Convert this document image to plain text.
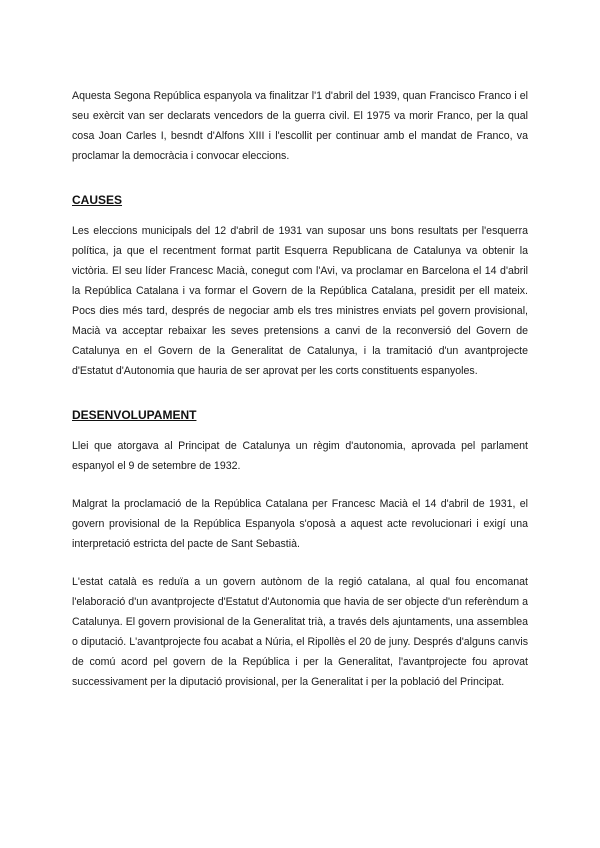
Aquesta Segona República espanyola va finalitzar l'1 d'abril del 1939, quan Francisco Franco i el seu exèrcit van ser declarats vencedors de la guerra civil. El 1975 va morir Franco, per la qual cosa Joan Carles I, besndt d'Alfons XIII i l'escollit per continuar amb el mandat de Franco, va proclamar la democràcia i convocar eleccions.

CAUSES

Les eleccions municipals del 12 d'abril de 1931 van suposar uns bons resultats per l'esquerra política, ja que el recentment format partit Esquerra Republicana de Catalunya va obtenir la victòria. El seu líder Francesc Macià, conegut com l'Avi, va proclamar en Barcelona el 14 d'abril la República Catalana i va formar el Govern de la República Catalana, presidit per ell mateix. Pocs dies més tard, després de negociar amb els tres ministres enviats pel govern provisional, Macià va acceptar rebaixar les seves pretensions a canvi de la reconversió del Govern de Catalunya en el Govern de la Generalitat de Catalunya, i la tramitació d'un avantprojecte d'Estatut d'Autonomia que hauria de ser aprovat per les corts constituents espanyoles.

DESENVOLUPAMENT

Llei que atorgava al Principat de Catalunya un règim d'autonomia, aprovada pel parlament espanyol el 9 de setembre de 1932.

Malgrat la proclamació de la República Catalana per Francesc Macià el 14 d'abril de 1931, el govern provisional de la República Espanyola s'oposà a aquest acte revolucionari i exigí una interpretació estricta del pacte de Sant Sebastià.

L'estat català es reduïa a un govern autònom de la regió catalana, al qual fou encomanat l'elaboració d'un avantprojecte d'Estatut d'Autonomia que havia de ser objecte d'un referèndum a Catalunya. El govern provisional de la Generalitat trià, a través dels ajuntaments, una assemblea o diputació. L'avantprojecte fou acabat a Núria, el Ripollès el 20 de juny. Després d'alguns canvis de comú acord pel govern de la República i per la Generalitat, l'avantprojecte fou aprovat successivament per la diputació provisional, per la Generalitat i per la població del Principat.
